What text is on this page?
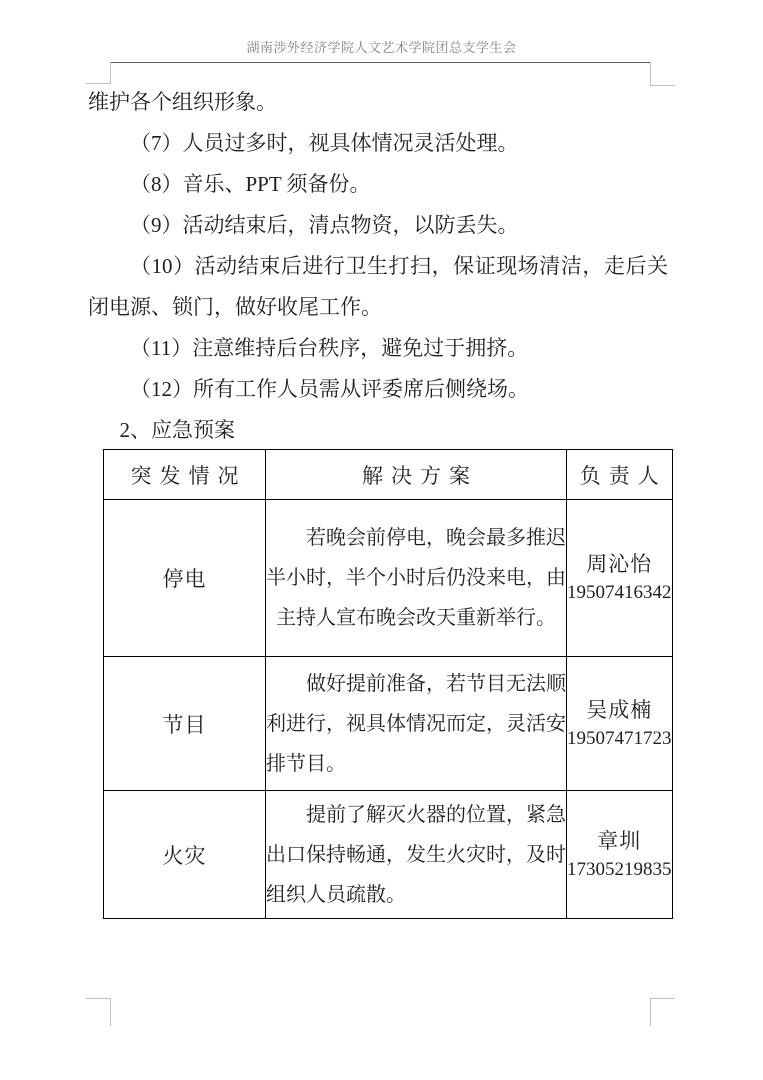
湖南涉外经济学院人文艺术学院团总支学生会

维护各个组织形象。

（7）人员过多时，视具体情况灵活处理。

（8）音乐、PPT 须备份。

（9）活动结束后，清点物资，以防丢失。

（10）活动结束后进行卫生打扫，保证现场清洁，走后关闭电源、锁门，做好收尾工作。

（11）注意维持后台秩序，避免过于拥挤。

（12）所有工作人员需从评委席后侧绕场。

2、应急预案

突发情况	解决方案	负责人
停电	若晚会前停电，晚会最多推迟半小时，半个小时后仍没来电，由主持人宣布晚会改天重新举行。	周沁怡
19507416342

节目	做好提前准备，若节目无法顺利进行，视具体情况而定，灵活安排节目。	吴成楠
19507471723

火灾	提前了解灭火器的位置，紧急出口保持畅通，发生火灾时，及时组织人员疏散。	章圳
17305219835
